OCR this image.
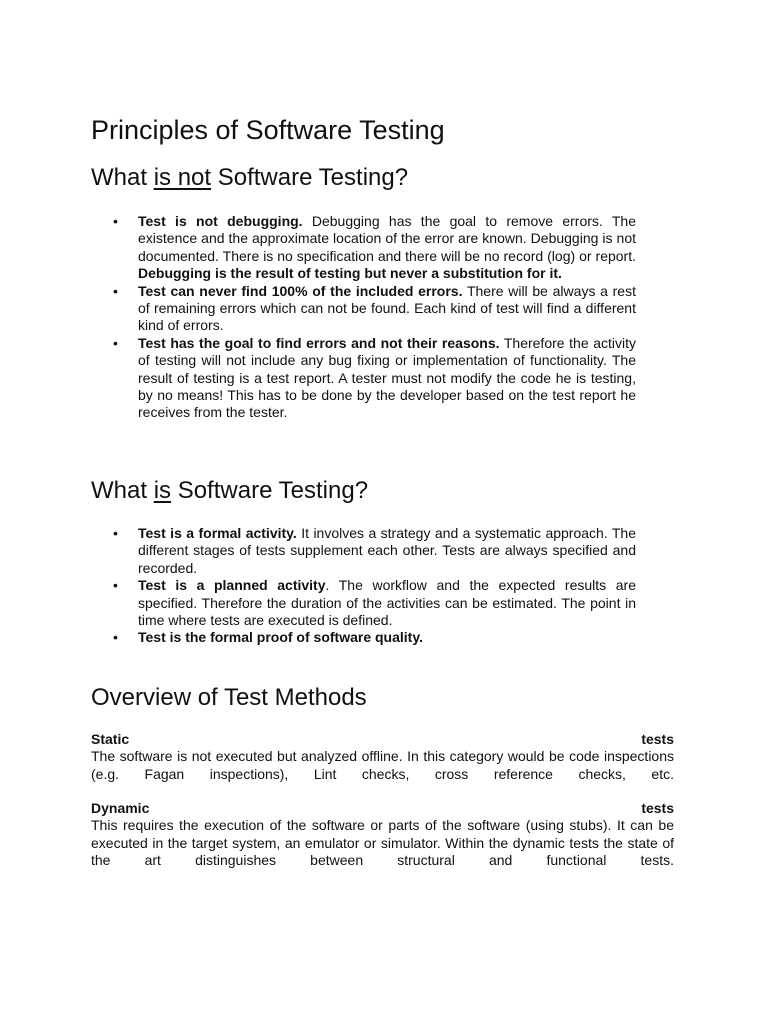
Principles of Software Testing
What is not Software Testing?
• Test is not debugging. Debugging has the goal to remove errors. The existence and the approximate location of the error are known. Debugging is not documented. There is no specification and there will be no record (log) or report. Debugging is the result of testing but never a substitution for it.
• Test can never find 100% of the included errors. There will be always a rest of remaining errors which can not be found. Each kind of test will find a different kind of errors.
• Test has the goal to find errors and not their reasons. Therefore the activity of testing will not include any bug fixing or implementation of functionality. The result of testing is a test report. A tester must not modify the code he is testing, by no means! This has to be done by the developer based on the test report he receives from the tester.
What is Software Testing?
• Test is a formal activity. It involves a strategy and a systematic approach. The different stages of tests supplement each other. Tests are always specified and recorded.
• Test is a planned activity. The workflow and the expected results are specified. Therefore the duration of the activities can be estimated. The point in time where tests are executed is defined.
• Test is the formal proof of software quality.
Overview of Test Methods
Static	tests
The software is not executed but analyzed offline. In this category would be code inspections (e.g. Fagan inspections), Lint checks, cross reference checks, etc.
Dynamic	tests
This requires the execution of the software or parts of the software (using stubs). It can be executed in the target system, an emulator or simulator. Within the dynamic tests the state of the art distinguishes between structural and functional tests.
